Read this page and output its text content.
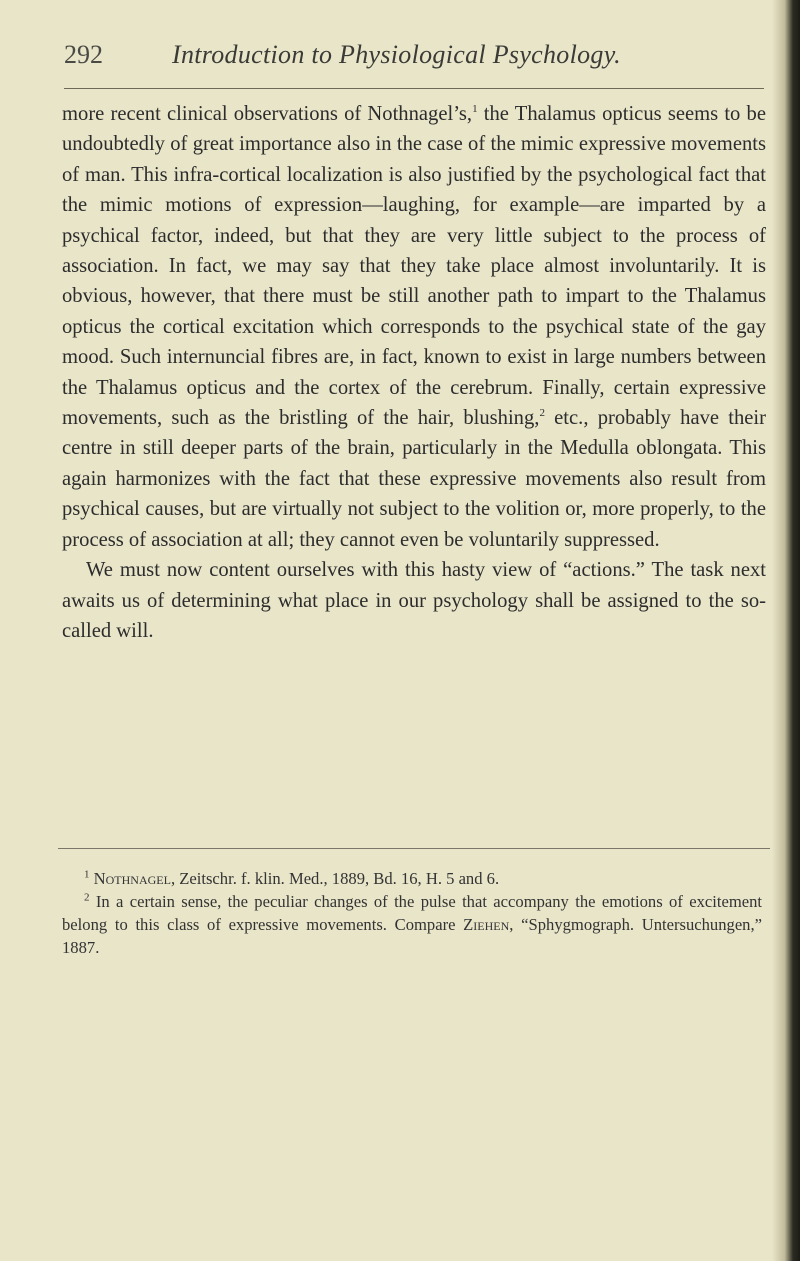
292	Introduction to Physiological Psychology.

more recent clinical observations of Nothnagel’s,$^1$ the Thalamus opticus seems to be undoubtedly of great importance also in the case of the mimic expressive movements of man. This infra-cortical localization is also justified by the psychological fact that the mimic motions of expression—laughing, for example—are imparted by a psychical factor, indeed, but that they are very little subject to the process of association. In fact, we may say that they take place almost involuntarily. It is obvious, however, that there must be still another path to impart to the Thalamus opticus the cortical excitation which corresponds to the psychical state of the gay mood. Such internuncial fibres are, in fact, known to exist in large numbers between the Thalamus opticus and the cortex of the cerebrum. Finally, certain expressive movements, such as the bristling of the hair, blushing,$^2$ etc., probably have their centre in still deeper parts of the brain, particularly in the Medulla oblongata. This again harmonizes with the fact that these expressive movements also result from psychical causes, but are virtually not subject to the volition or, more properly, to the process of association at all; they cannot even be voluntarily suppressed.

We must now content ourselves with this hasty view of “actions.” The task next awaits us of determining what place in our psychology shall be assigned to the so-called will.

$^1$ Nothnagel, Zeitschr. f. klin. Med., 1889, Bd. 16, H. 5 and 6.

$^2$ In a certain sense, the peculiar changes of the pulse that accompany the emotions of excitement belong to this class of expressive movements. Compare Ziehen, “Sphygmograph. Untersuchungen,” 1887.
